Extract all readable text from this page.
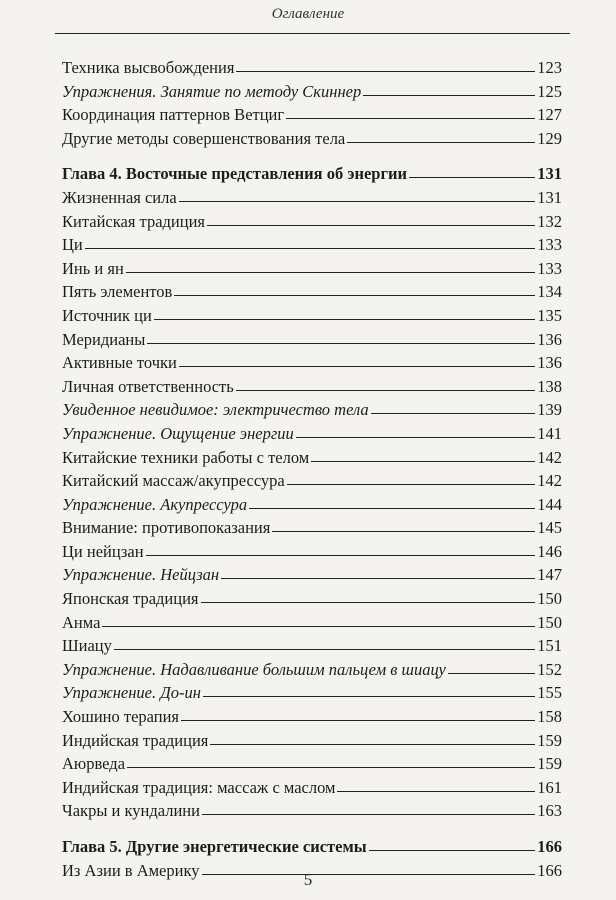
Оглавление
Техника высвобождения	123
Упражнения. Занятие по методу Скиннер	125
Координация паттернов Ветциг	127
Другие методы совершенствования тела	129
Глава 4. Восточные представления об энергии	131
Жизненная сила	131
Китайская традиция	132
Ци	133
Инь и ян	133
Пять элементов	134
Источник ци	135
Меридианы	136
Активные точки	136
Личная ответственность	138
Увиденное невидимое: электричество тела	139
Упражнение. Ощущение энергии	141
Китайские техники работы с телом	142
Китайский массаж/акупрессура	142
Упражнение. Акупрессура	144
Внимание: противопоказания	145
Ци нейцзан	146
Упражнение. Нейцзан	147
Японская традиция	150
Анма	150
Шиацу	151
Упражнение. Надавливание большим пальцем в шиацу	152
Упражнение. До-ин	155
Хошино терапия	158
Индийская традиция	159
Аюрведа	159
Индийская традиция: массаж с маслом	161
Чакры и кундалини	163
Глава 5. Другие энергетические системы	166
Из Азии в Америку	166
5
